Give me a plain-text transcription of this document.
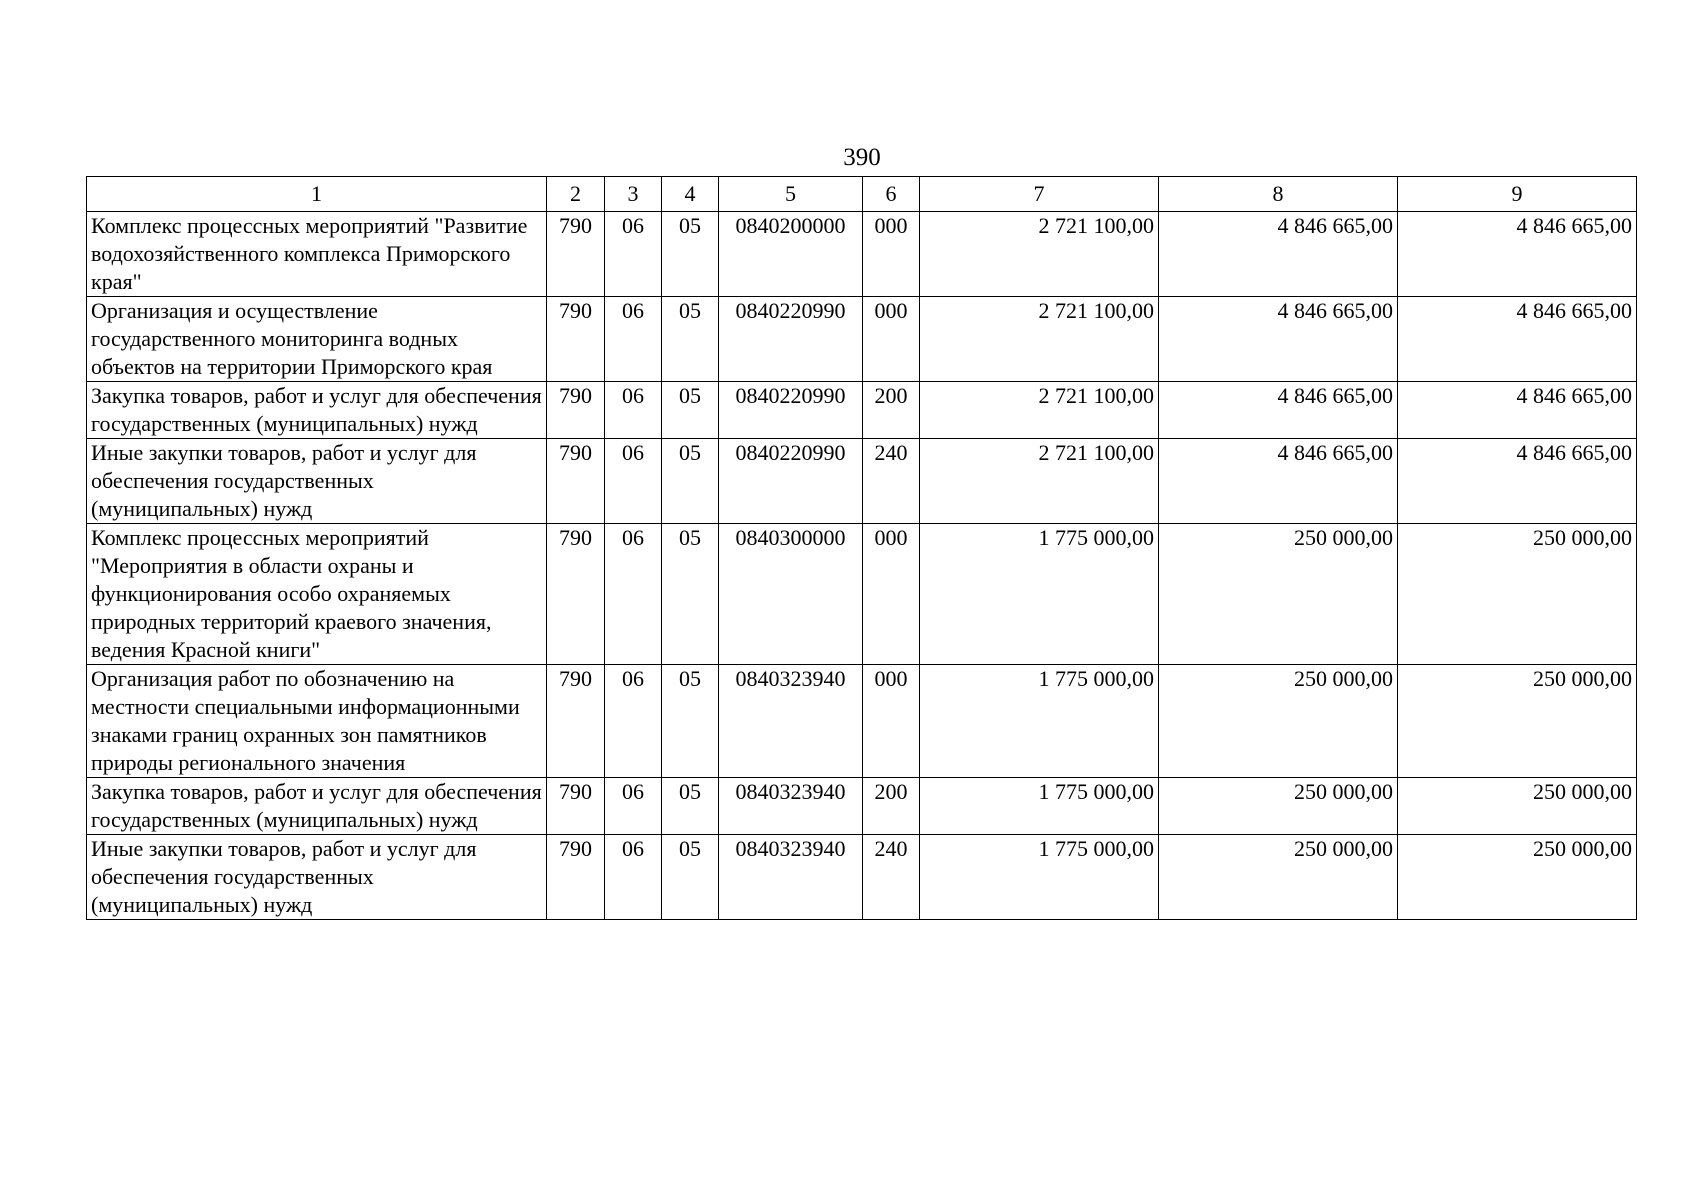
390
1	2	3	4	5	6	7	8	9
Комплекс процессных мероприятий "Развитие водохозяйственного комплекса Приморского края"	790	06	05	0840200000	000	2 721 100,00	4 846 665,00	4 846 665,00
Организация и осуществление государственного мониторинга водных объектов на территории Приморского края	790	06	05	0840220990	000	2 721 100,00	4 846 665,00	4 846 665,00
Закупка товаров, работ и услуг для обеспечения государственных (муниципальных) нужд	790	06	05	0840220990	200	2 721 100,00	4 846 665,00	4 846 665,00
Иные закупки товаров, работ и услуг для обеспечения государственных (муниципальных) нужд	790	06	05	0840220990	240	2 721 100,00	4 846 665,00	4 846 665,00
Комплекс процессных мероприятий "Мероприятия в области охраны и функционирования особо охраняемых природных территорий краевого значения, ведения Красной книги"	790	06	05	0840300000	000	1 775 000,00	250 000,00	250 000,00
Организация работ по обозначению на местности специальными информационными знаками границ охранных зон памятников природы регионального значения	790	06	05	0840323940	000	1 775 000,00	250 000,00	250 000,00
Закупка товаров, работ и услуг для обеспечения государственных (муниципальных) нужд	790	06	05	0840323940	200	1 775 000,00	250 000,00	250 000,00
Иные закупки товаров, работ и услуг для обеспечения государственных (муниципальных) нужд	790	06	05	0840323940	240	1 775 000,00	250 000,00	250 000,00
